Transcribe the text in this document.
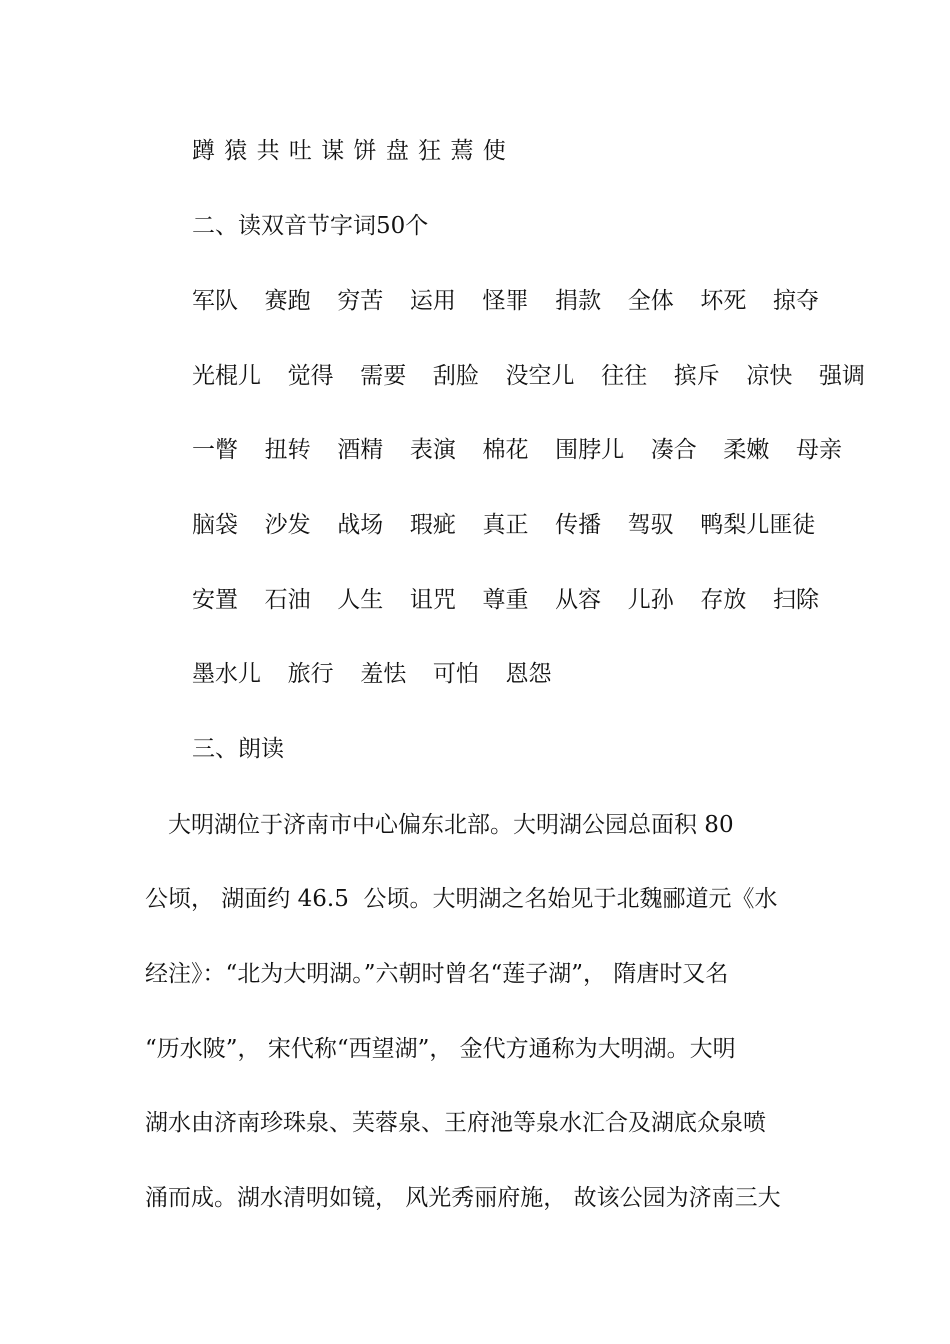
蹲 猿 共 吐 谋 饼 盘 狂 蔫 使
二、读双音节字词50个
军队  赛跑  穷苦  运用  怪罪  捐款  全体  坏死  掠夺
光棍儿  觉得  需要  刮脸  没空儿  往往  摈斥  凉快  强调
一瞥  扭转  酒精  表演  棉花  围脖儿  凑合  柔嫩  母亲
脑袋  沙发  战场  瑕疵  真正  传播  驾驭  鸭梨儿匪徒
安置  石油  人生  诅咒  尊重  从容  儿孙  存放  扫除
墨水儿  旅行  羞怯  可怕  恩怨
三、朗读
　大明湖位于济南市中心偏东北部。大明湖公园总面积 80
公顷， 湖面约 46.5  公顷。大明湖之名始见于北魏郦道元《水
经注》：“北为大明湖。”六朝时曾名“莲子湖”， 隋唐时又名
“历水陂”， 宋代称“西望湖”， 金代方通称为大明湖。大明
湖水由济南珍珠泉、芙蓉泉、王府池等泉水汇合及湖底众泉喷
涌而成。湖水清明如镜， 风光秀丽府施， 故该公园为济南三大
